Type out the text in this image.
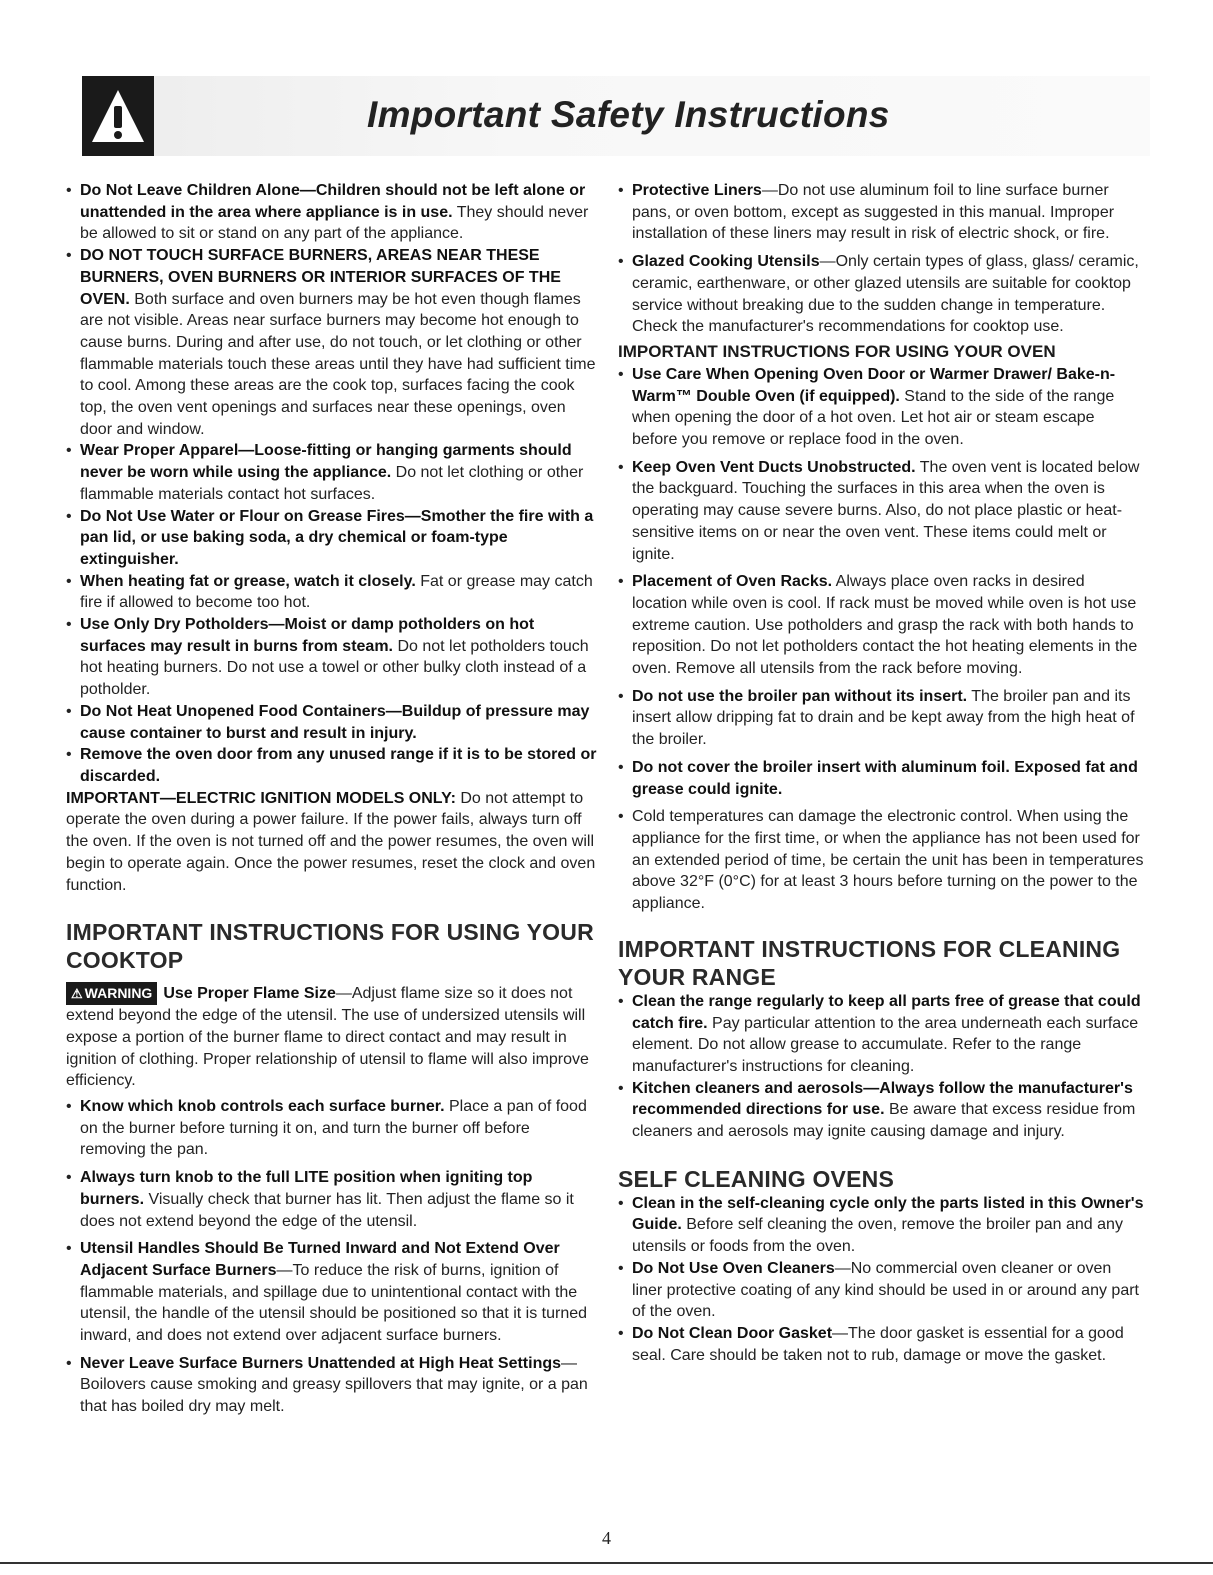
Important Safety Instructions

• Do Not Leave Children Alone—Children should not be left alone or unattended in the area where appliance is in use. They should never be allowed to sit or stand on any part of the appliance.

• DO NOT TOUCH SURFACE BURNERS, AREAS NEAR THESE BURNERS, OVEN BURNERS OR INTERIOR SURFACES OF THE OVEN. Both surface and oven burners may be hot even though flames are not visible. Areas near surface burners may become hot enough to cause burns. During and after use, do not touch, or let clothing or other flammable materials touch these areas until they have had sufficient time to cool. Among these areas are the cook top, surfaces facing the cook top, the oven vent openings and surfaces near these openings, oven door and window.

• Wear Proper Apparel—Loose-fitting or hanging garments should never be worn while using the appliance. Do not let clothing or other flammable materials contact hot surfaces.

• Do Not Use Water or Flour on Grease Fires—Smother the fire with a pan lid, or use baking soda, a dry chemical or foam-type extinguisher.

• When heating fat or grease, watch it closely. Fat or grease may catch fire if allowed to become too hot.

• Use Only Dry Potholders—Moist or damp potholders on hot surfaces may result in burns from steam. Do not let potholders touch hot heating burners. Do not use a towel or other bulky cloth instead of a potholder.

• Do Not Heat Unopened Food Containers—Buildup of pressure may cause container to burst and result in injury.

• Remove the oven door from any unused range if it is to be stored or discarded.

IMPORTANT—ELECTRIC IGNITION MODELS ONLY: Do not attempt to operate the oven during a power failure. If the power fails, always turn off the oven. If the oven is not turned off and the power resumes, the oven will begin to operate again. Once the power resumes, reset the clock and oven function.

IMPORTANT INSTRUCTIONS FOR USING YOUR COOKTOP

⚠ WARNING Use Proper Flame Size—Adjust flame size so it does not extend beyond the edge of the utensil. The use of undersized utensils will expose a portion of the burner flame to direct contact and may result in ignition of clothing. Proper relationship of utensil to flame will also improve efficiency.

• Know which knob controls each surface burner. Place a pan of food on the burner before turning it on, and turn the burner off before removing the pan.

• Always turn knob to the full LITE position when igniting top burners. Visually check that burner has lit. Then adjust the flame so it does not extend beyond the edge of the utensil.

• Utensil Handles Should Be Turned Inward and Not Extend Over Adjacent Surface Burners—To reduce the risk of burns, ignition of flammable materials, and spillage due to unintentional contact with the utensil, the handle of the utensil should be positioned so that it is turned inward, and does not extend over adjacent surface burners.

• Never Leave Surface Burners Unattended at High Heat Settings—Boilovers cause smoking and greasy spillovers that may ignite, or a pan that has boiled dry may melt.

• Protective Liners—Do not use aluminum foil to line surface burner pans, or oven bottom, except as suggested in this manual. Improper installation of these liners may result in risk of electric shock, or fire.

• Glazed Cooking Utensils—Only certain types of glass, glass/ ceramic, ceramic, earthenware, or other glazed utensils are suitable for cooktop service without breaking due to the sudden change in temperature. Check the manufacturer's recommendations for cooktop use.

IMPORTANT INSTRUCTIONS FOR USING YOUR OVEN

• Use Care When Opening Oven Door or Warmer Drawer/ Bake-n-Warm™ Double Oven (if equipped). Stand to the side of the range when opening the door of a hot oven. Let hot air or steam escape before you remove or replace food in the oven.

• Keep Oven Vent Ducts Unobstructed. The oven vent is located below the backguard. Touching the surfaces in this area when the oven is operating may cause severe burns. Also, do not place plastic or heat-sensitive items on or near the oven vent. These items could melt or ignite.

• Placement of Oven Racks. Always place oven racks in desired location while oven is cool. If rack must be moved while oven is hot use extreme caution. Use potholders and grasp the rack with both hands to reposition. Do not let potholders contact the hot heating elements in the oven. Remove all utensils from the rack before moving.

• Do not use the broiler pan without its insert. The broiler pan and its insert allow dripping fat to drain and be kept away from the high heat of the broiler.

• Do not cover the broiler insert with aluminum foil. Exposed fat and grease could ignite.

• Cold temperatures can damage the electronic control. When using the appliance for the first time, or when the appliance has not been used for an extended period of time, be certain the unit has been in temperatures above 32°F (0°C) for at least 3 hours before turning on the power to the appliance.

IMPORTANT INSTRUCTIONS FOR CLEANING YOUR RANGE

• Clean the range regularly to keep all parts free of grease that could catch fire. Pay particular attention to the area underneath each surface element. Do not allow grease to accumulate. Refer to the range manufacturer's instructions for cleaning.

• Kitchen cleaners and aerosols—Always follow the manufacturer's recommended directions for use. Be aware that excess residue from cleaners and aerosols may ignite causing damage and injury.

SELF CLEANING OVENS

• Clean in the self-cleaning cycle only the parts listed in this Owner's Guide. Before self cleaning the oven, remove the broiler pan and any utensils or foods from the oven.

• Do Not Use Oven Cleaners—No commercial oven cleaner or oven liner protective coating of any kind should be used in or around any part of the oven.

• Do Not Clean Door Gasket—The door gasket is essential for a good seal. Care should be taken not to rub, damage or move the gasket.

4
